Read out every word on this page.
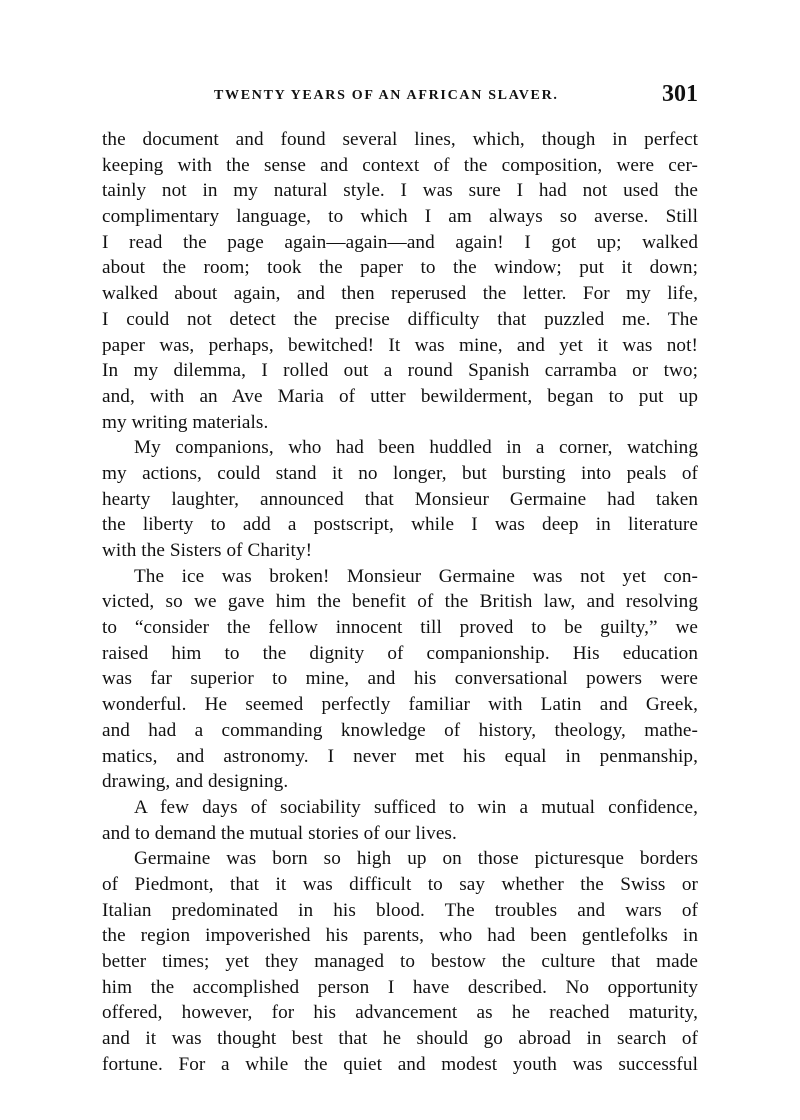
TWENTY YEARS OF AN AFRICAN SLAVER.	301

the document and found several lines, which, though in perfect
keeping with the sense and context of the composition, were cer-
tainly not in my natural style. I was sure I had not used the
complimentary language, to which I am always so averse. Still
I read the page again—again—and again! I got up; walked
about the room; took the paper to the window; put it down;
walked about again, and then reperused the letter. For my life,
I could not detect the precise difficulty that puzzled me. The
paper was, perhaps, bewitched! It was mine, and yet it was not!
In my dilemma, I rolled out a round Spanish carramba or two;
and, with an Ave Maria of utter bewilderment, began to put up
my writing materials.

My companions, who had been huddled in a corner, watching
my actions, could stand it no longer, but bursting into peals of
hearty laughter, announced that Monsieur Germaine had taken
the liberty to add a postscript, while I was deep in literature
with the Sisters of Charity!

The ice was broken! Monsieur Germaine was not yet con-
victed, so we gave him the benefit of the British law, and resolving
to “consider the fellow innocent till proved to be guilty,” we
raised him to the dignity of companionship. His education
was far superior to mine, and his conversational powers were
wonderful. He seemed perfectly familiar with Latin and Greek,
and had a commanding knowledge of history, theology, mathe-
matics, and astronomy. I never met his equal in penmanship,
drawing, and designing.

A few days of sociability sufficed to win a mutual confidence,
and to demand the mutual stories of our lives.

Germaine was born so high up on those picturesque borders
of Piedmont, that it was difficult to say whether the Swiss or
Italian predominated in his blood. The troubles and wars of
the region impoverished his parents, who had been gentlefolks in
better times; yet they managed to bestow the culture that made
him the accomplished person I have described. No opportunity
offered, however, for his advancement as he reached maturity,
and it was thought best that he should go abroad in search of
fortune. For a while the quiet and modest youth was successful
